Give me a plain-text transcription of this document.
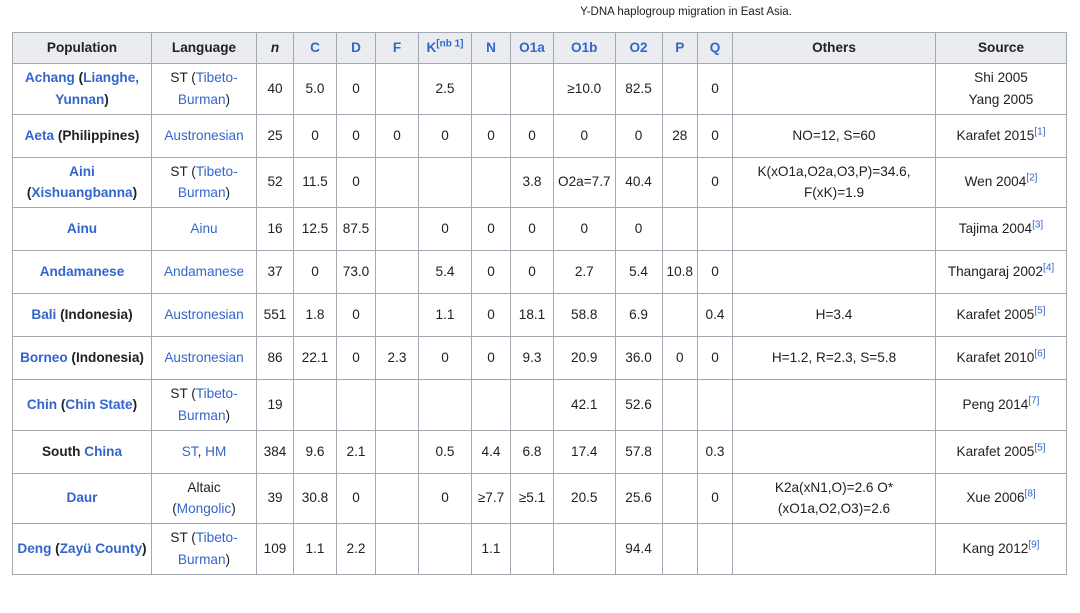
Y-DNA haplogroup migration in East Asia.
Population	Language	n	C	D	F	K[nb 1]	N	O1a	O1b	O2	P	Q	Others	Source
Achang (Lianghe, Yunnan)	ST (Tibeto-Burman)	40	5.0	0		2.5			≥10.0	82.5		0		Shi 2005
Yang 2005
Aeta (Philippines)	Austronesian	25	0	0	0	0	0	0	0	0	28	0	NO=12, S=60	Karafet 2015[1]
Aini (Xishuangbanna)	ST (Tibeto-Burman)	52	11.5	0				3.8	O2a=7.7	40.4		0	K(xO1a,O2a,O3,P)=34.6, F(xK)=1.9	Wen 2004[2]
Ainu	Ainu	16	12.5	87.5		0	0	0	0	0				Tajima 2004[3]
Andamanese	Andamanese	37	0	73.0		5.4	0	0	2.7	5.4	10.8	0		Thangaraj 2002[4]
Bali (Indonesia)	Austronesian	551	1.8	0		1.1	0	18.1	58.8	6.9		0.4	H=3.4	Karafet 2005[5]
Borneo (Indonesia)	Austronesian	86	22.1	0	2.3	0	0	9.3	20.9	36.0	0	0	H=1.2, R=2.3, S=5.8	Karafet 2010[6]
Chin (Chin State)	ST (Tibeto-Burman)	19							42.1	52.6				Peng 2014[7]
South China	ST, HM	384	9.6	2.1		0.5	4.4	6.8	17.4	57.8		0.3		Karafet 2005[5]
Daur	Altaic (Mongolic)	39	30.8	0		0	≥7.7	≥5.1	20.5	25.6		0	K2a(xN1,O)=2.6 O*(xO1a,O2,O3)=2.6	Xue 2006[8]
Deng (Zayü County)	ST (Tibeto-Burman)	109	1.1	2.2			1.1			94.4				Kang 2012[9]
